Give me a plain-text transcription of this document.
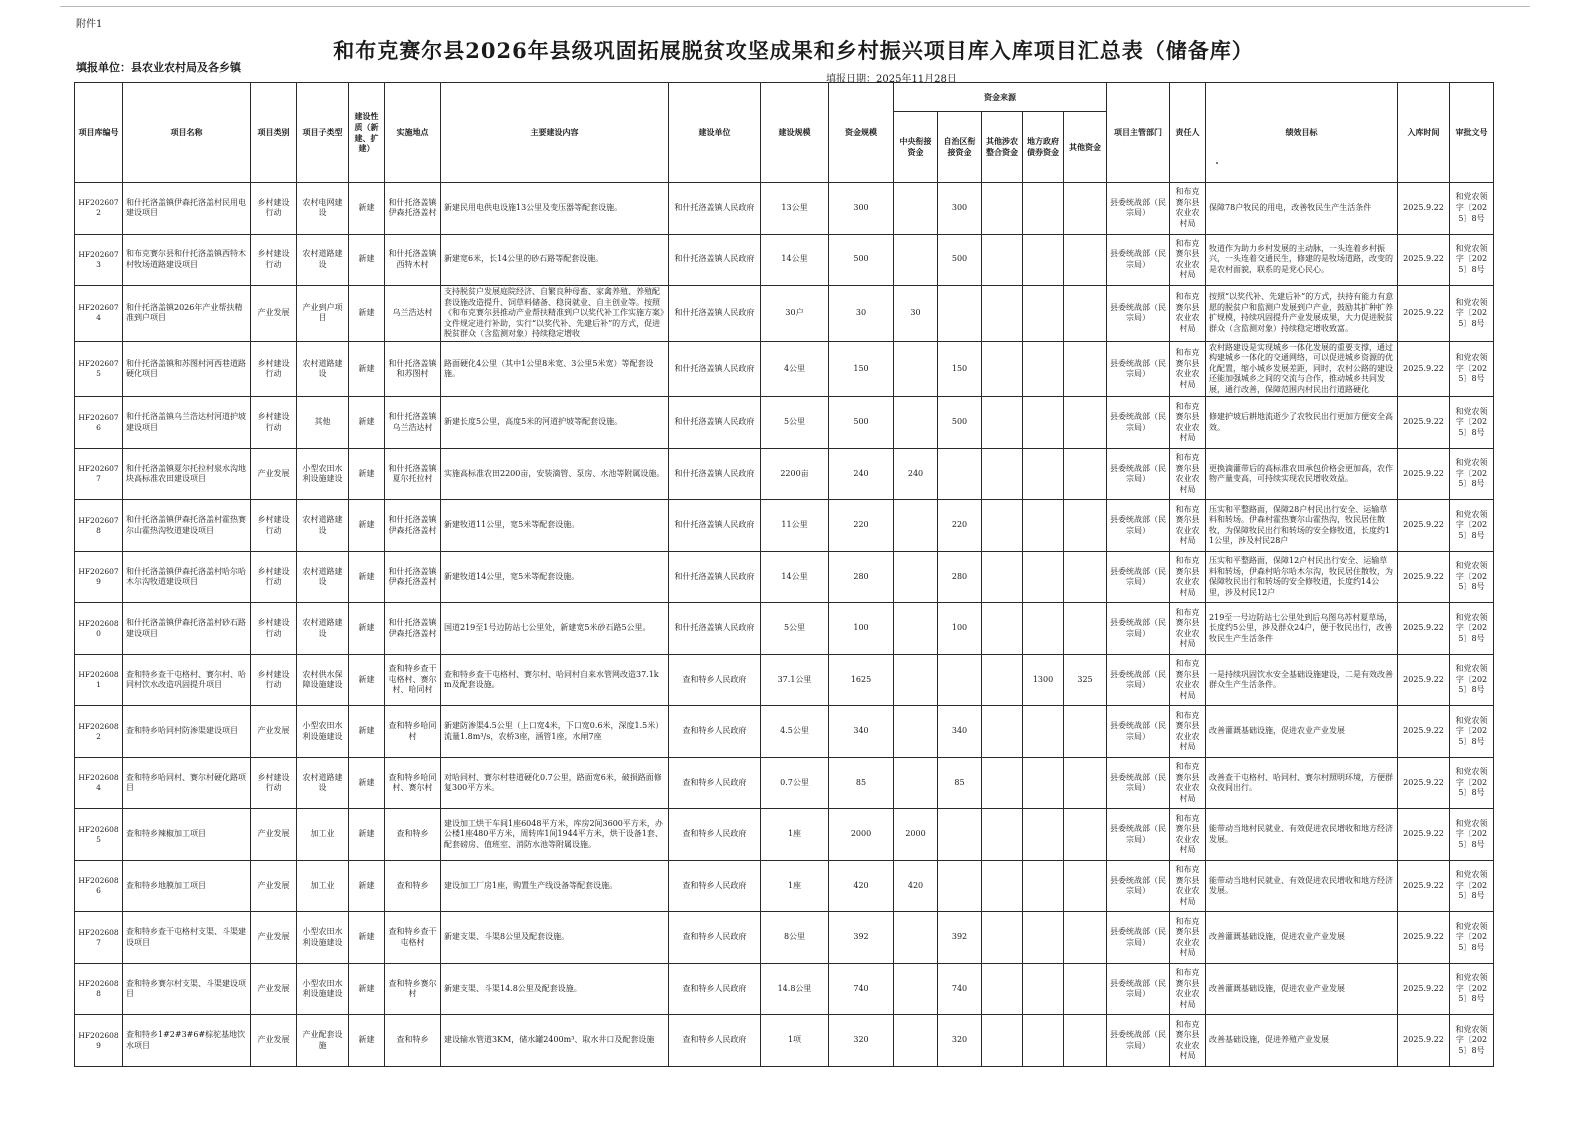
附件1
和布克赛尔县2026年县级巩固拓展脱贫攻坚成果和乡村振兴项目库入库项目汇总表（储备库）
填报单位：县农业农村局及各乡镇
填报日期：2025年11月28日
项目库编号	项目名称	项目类别	项目子类型	建设性质（新建、扩建）	实施地点	主要建设内容	建设单位	建设规模	资金规模	资金来源					项目主管部门	责任人	绩效目标	入库时间	审批文号
										中央衔接资金	自治区衔接资金	其他涉农整合资金	地方政府债券资金	其他资金					
HF2026072	和什托洛盖镇伊森托洛盖村民用电建设项目	乡村建设行动	农村电网建设	新建	和什托洛盖镇伊森托洛盖村	新建民用电供电设施13公里及变压器等配套设施。	和什托洛盖镇人民政府	13公里	300		300				县委统战部（民宗局）	和布克赛尔县农业农村局	保障78户牧民的用电，改善牧民生产生活条件	2025.9.22	和党农领字〔2025〕8号
HF2026073	和布克赛尔县和什托洛盖镇西特木村牧场道路建设项目	乡村建设行动	农村道路建设	新建	和什托洛盖镇西特木村	新建宽6米，长14公里的砂石路等配套设施。	和什托洛盖镇人民政府	14公里	500		500				县委统战部（民宗局）	和布克赛尔县农业农村局	牧道作为助力乡村发展的主动脉，一头连着乡村振兴，一头连着交通民生，修建的是牧场道路，改变的是农村面貌，联系的是党心民心。	2025.9.22	和党农领字〔2025〕8号
HF2026074	和什托洛盖镇2026年产业帮扶精准到户项目	产业发展	产业到户项目	新建	乌兰浩达村	支持脱贫户发展庭院经济、自繁良种母畜、家禽养殖、养殖配套设施改造提升、饲草料储备、稳岗就业、自主创业等。按照《和布克赛尔县推动产业帮扶精准到户以奖代补工作实施方案》文件规定进行补助，实行“以奖代补、先建后补”的方式，促进脱贫群众（含监测对象）持续稳定增收	和什托洛盖镇人民政府	30户	30	30					县委统战部（民宗局）	和布克赛尔县农业农村局	按照“以奖代补、先建后补”的方式，扶持有能力有意愿的脱贫户和监测户发展到户产业，鼓励其扩种扩养扩规模，持续巩固提升产业发展成果，大力促进脱贫群众（含监测对象）持续稳定增收致富。	2025.9.22	和党农领字〔2025〕8号
HF2026075	和什托洛盖镇和苏图村河西巷道路硬化项目	乡村建设行动	农村道路建设	新建	和什托洛盖镇和苏图村	路面硬化4公里（其中1公里8米宽、3公里5米宽）等配套设施。	和什托洛盖镇人民政府	4公里	150		150				县委统战部（民宗局）	和布克赛尔县农业农村局	农村路建设是实现城乡一体化发展的重要支撑，通过构建城乡一体化的交通网络，可以促进城乡资源的优化配置，缩小城乡发展差距，同时，农村公路的建设还能加强城乡之间的交流与合作，推动城乡共同发展，通行改善，保障范围内村民出行道路硬化	2025.9.22	和党农领字〔2025〕8号
HF2026076	和什托洛盖镇乌兰浩达村河道护坡建设项目	乡村建设行动	其他	新建	和什托洛盖镇乌兰浩达村	新建长度5公里，高度5米的河道护坡等配套设施。	和什托洛盖镇人民政府	5公里	500		500				县委统战部（民宗局）	和布克赛尔县农业农村局	修建护坡后耕地流逝少了农牧民出行更加方便安全高效。	2025.9.22	和党农领字〔2025〕8号
HF2026077	和什托洛盖镇夏尔托拉村泉水沟地块高标准农田建设项目	产业发展	小型农田水利设施建设	新建	和什托洛盖镇夏尔托拉村	实施高标准农田2200亩，安装滴管、泵房、水池等附属设施。	和什托洛盖镇人民政府	2200亩	240	240					县委统战部（民宗局）	和布克赛尔县农业农村局	更换滴灌带后的高标准农田承包价格会更加高，农作物产量变高，可持续实现农民增收效益。	2025.9.22	和党农领字〔2025〕8号
HF2026078	和什托洛盖镇伊森托洛盖村霍热赛尔山霍热沟牧道建设项目	乡村建设行动	农村道路建设	新建	和什托洛盖镇伊森托洛盖村	新建牧道11公里，宽5米等配套设施。	和什托洛盖镇人民政府	11公里	220		220				县委统战部（民宗局）	和布克赛尔县农业农村局	压实和平整路面，保障28户村民出行安全、运输草料和转场。伊森村霍热赛尔山霍热沟，牧民居住散牧，为保障牧民出行和转场的安全修牧道，长度约11公里，涉及村民28户	2025.9.22	和党农领字〔2025〕8号
HF2026079	和什托洛盖镇伊森托洛盖村哈尔哈木尔沟牧道建设项目	乡村建设行动	农村道路建设	新建	和什托洛盖镇伊森托洛盖村	新建牧道14公里，宽5米等配套设施。	和什托洛盖镇人民政府	14公里	280		280				县委统战部（民宗局）	和布克赛尔县农业农村局	压实和平整路面，保障12户村民出行安全、运输草料和转场，伊森村哈尔哈木尔沟，牧民居住散牧，为保障牧民出行和转场的安全修牧道，长度约14公里，涉及村民12户	2025.9.22	和党农领字〔2025〕8号
HF2026080	和什托洛盖镇伊森托洛盖村砂石路建设项目	乡村建设行动	农村道路建设	新建	和什托洛盖镇伊森托洛盖村	国道219至1号边防站七公里处，新建宽5米砂石路5公里。	和什托洛盖镇人民政府	5公里	100		100				县委统战部（民宗局）	和布克赛尔县农业农村局	219至一号边防站七公里处到后乌图乌苏村夏草场，长度约5公里，涉及群众24户，便于牧民出行，改善牧民生产生活条件	2025.9.22	和党农领字〔2025〕8号
HF2026081	查和特乡查干屯格村、赛尔村、哈同村饮水改造巩固提升项目	乡村建设行动	农村供水保障设施建设	新建	查和特乡查干屯格村、赛尔村、哈同村	查和特乡查干屯格村、赛尔村、哈同村自来水管网改造37.1km及配套设施。	查和特乡人民政府	37.1公里	1625				1300	325	县委统战部（民宗局）	和布克赛尔县农业农村局	一是持续巩固饮水安全基础设施建设，二是有效改善群众生产生活条件。	2025.9.22	和党农领字〔2025〕8号
HF2026082	查和特乡哈同村防渗渠建设项目	产业发展	小型农田水利设施建设	新建	查和特乡哈同村	新建防渗渠4.5公里（上口宽4米，下口宽0.6米，深度1.5米）流量1.8m³/s，农桥3座，涵管1座，水闸7座	查和特乡人民政府	4.5公里	340		340				县委统战部（民宗局）	和布克赛尔县农业农村局	改善灌溉基础设施，促进农业产业发展	2025.9.22	和党农领字〔2025〕8号
HF2026084	查和特乡哈同村、赛尔村硬化路项目	乡村建设行动	农村道路建设	新建	查和特乡哈同村、赛尔村	对哈同村、赛尔村巷道硬化0.7公里，路面宽6米，破损路面修复300平方米。	查和特乡人民政府	0.7公里	85		85				县委统战部（民宗局）	和布克赛尔县农业农村局	改善查干屯格村、哈同村、赛尔村照明环境，方便群众夜间出行。	2025.9.22	和党农领字〔2025〕8号
HF2026085	查和特乡辣椒加工项目	产业发展	加工业	新建	查和特乡	建设加工烘干车间1座6048平方米，库房2间3600平方米，办公楼1座480平方米，周转库1间1944平方米，烘干设备1套、配套磅房、值班室、消防水池等附属设施。	查和特乡人民政府	1座	2000	2000					县委统战部（民宗局）	和布克赛尔县农业农村局	能带动当地村民就业、有效促进农民增收和地方经济发展。	2025.9.22	和党农领字〔2025〕8号
HF2026086	查和特乡地膜加工项目	产业发展	加工业	新建	查和特乡	建设加工厂房1座，购置生产线设备等配套设施。	查和特乡人民政府	1座	420	420					县委统战部（民宗局）	和布克赛尔县农业农村局	能带动当地村民就业、有效促进农民增收和地方经济发展。	2025.9.22	和党农领字〔2025〕8号
HF2026087	查和特乡查干屯格村支渠、斗渠建设项目	产业发展	小型农田水利设施建设	新建	查和特乡查干屯格村	新建支渠、斗渠8公里及配套设施。	查和特乡人民政府	8公里	392		392				县委统战部（民宗局）	和布克赛尔县农业农村局	改善灌溉基础设施，促进农业产业发展	2025.9.22	和党农领字〔2025〕8号
HF2026088	查和特乡赛尔村支渠、斗渠建设项目	产业发展	小型农田水利设施建设	新建	查和特乡赛尔村	新建支渠、斗渠14.8公里及配套设施。	查和特乡人民政府	14.8公里	740		740				县委统战部（民宗局）	和布克赛尔县农业农村局	改善灌溉基础设施，促进农业产业发展	2025.9.22	和党农领字〔2025〕8号
HF2026089	查和特乡1#2#3#6#棕驼基地饮水项目	产业发展	产业配套设施	新建	查和特乡	建设输水管道3KM，储水罐2400m³、取水井口及配套设施	查和特乡人民政府	1项	320		320				县委统战部（民宗局）	和布克赛尔县农业农村局	改善基础设施，促进养殖产业发展	2025.9.22	和党农领字〔2025〕8号
